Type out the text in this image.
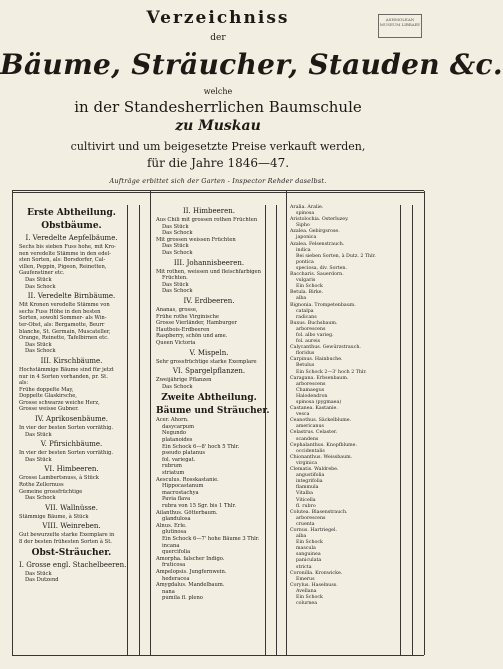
ASHMOLEAN MUSEUM LIBRARY
Verzeichniss
der
Bäume, Sträucher, Stauden &c.
welche
in der Standesherrlichen Baumschule
zu Muskau
cultivirt und um beigesetzte Preise verkauft werden,
für die Jahre 1846—47.
Aufträge erbittet sich der Garten - Inspector Rehder daselbst.
Erste Abtheilung.
Obstbäume.
I. Veredelte Aepfelbäume.
Sechs bis sieben Fuss hohe, mit Kro-
nen veredelte Stämme in den edel-
sten Sorten, als: Borsdorfer, Cal-
villen, Peppin, Pigeon, Reinetten,
Gaufenstiner etc.
Das Stück
Das Schock
II. Veredelte Birnbäume.
Mit Kronen veredelte Stämme von
sechs Fuss Höhe in den besten
Sorten, sowohl Sommer- als Win-
ter-Obst, als: Bergamotte, Beurr
blanche, St. Germain, Muscateller,
Orange, Reinette, Tafelbirnen etc.
Das Stück
Das Schock
III. Kirschbäume.
Hochstämmige Bäume sind für jetzt
nur in 4 Sorten vorhanden, pr. St.
als:
Frühe doppelte May,
Doppelte Glaskirsche,
Grosse schwarze weiche Herz,
Grosse weisse Gubner.
IV. Aprikosenbäume.
In vier der besten Sorten vorräthig.
Das Stück
V. Pfirsichbäume.
In vier der besten Sorten vorräthig.
Das Stück
VI. Himbeeren.
Grosse Lambertsnuss, à Stück
Rothe Zellernuss
Gemeine grossfrüchtige
Das Schock
VII. Wallnüsse.
Stämmige Bäume, à Stück
VIII. Weinreben.
Gut bewurzelte starke Exemplare in
8 der besten frühesten Sorten à St.
Obst-Sträucher.
I. Grosse engl. Stachelbeeren.
Das Stück
Das Dutzend
II. Himbeeren.
Aus Chili mit grossen rothen Früchten
Das Stück
Das Schock
Mit grossen weissen Früchten
Das Stück
Das Schock
III. Johannisbeeren.
Mit rothen, weissen und fleischfarbigen
Früchten.
Das Stück
Das Schock
IV. Erdbeeren.
Ananas, grosse,
Frühe rothe Virginische
Grosse Vierländer, Hamburger
Hautbois-Erdbeeren
Raspberry, schön und ame.
Queen Victoria
V. Mispeln.
Sehr grossfrüchtige starke Exemplare
VI. Spargelpflanzen.
Zweijährige Pflanzen
Das Schock
Zweite Abtheilung.
Bäume und Sträucher.
Acer. Ahorn.
dasycarpum
Negundo
platanoides
Ein Schock 6—8' hoch 5 Thlr.
pseudo platanus
fol. variegat.
rubrum
striatum
Aesculus. Rosskastanie.
Hippocastanum
macrostachya
Pavia flava
rubra von 15 Sgr. bis 1 Thlr.
Ailanthus. Götterbaum.
glandulosa
Alnus. Erle.
glutinosa
Ein Schock 6—7' hohe Bäume 3 Thlr.
incana
quercifolia
Amorpha. falscher Indigo.
fruticosa
Ampelopsis. Jungfernwein.
hederacea
Amygdalus. Mandelbaum.
nana
pumila fl. pleno
Aralia. Aralie.
spinosa
Aristolochia. Osterluzey.
Sipho
Azalea. Gebirgsrose.
japonica
Azalea. Felsenstrauch.
indica
Bei sieben Sorten, à Dutz. 2 Thlr.
pontica
speciosa, div. Sorten.
Baccharis. Sauerdorn.
vulgaris
Ein Schock
Betula. Birke.
alba
Bignonia. Trompetenbaum.
catalpa
radicans
Buxus. Buchsbaum.
arborescens
fol. albo varieg.
fol. aureis
Calycanthus. Gewürzstrauch.
floridus
Carpinus. Hainbuche.
Betulus
Ein Schock 2—3' hoch 2 Thlr.
Caragana. Erbsenbaum.
arborescens
Chamaegus
Halodendron
spinosa (pygmaea)
Castanea. Kastanie.
vesca
Ceanothus. Säckelblume.
americanus
Celastrus. Celaster.
scandens
Cephalanthus. Knopfblume.
occidentalis
Chionanthus. Weissbaum.
virginica
Clematis. Waldrebe.
angustifolia
integrifolia
flammula
Vitalba
Viticella
fl. rubro
Colutea. Blasenstrauch.
arborescens
cruenta
Cornus. Hartriegel.
alba
Ein Schock
mascula
sanguinea
paniculata
stricta
Coronilla. Kronwicke.
Emerus
Corylus. Haselnuss.
Avellana
Ein Schock
colurnea
